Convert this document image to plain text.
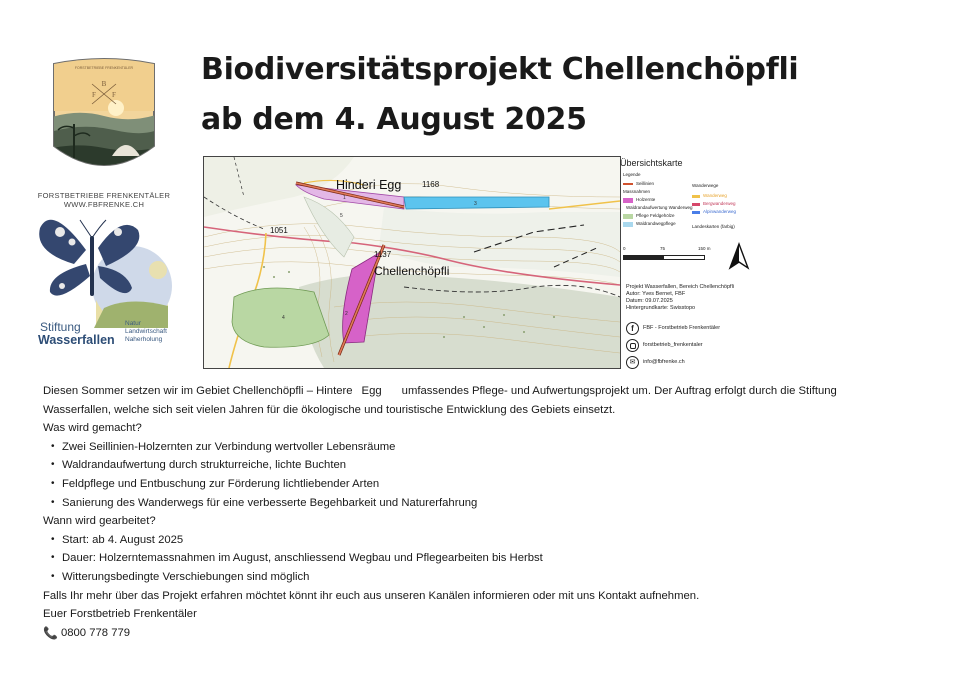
FORSTBETRIEBE FRENKENTÄLER
B
F F
FORSTBETRIEBE FRENKENTÄLER
WWW.FBFRENKE.CH
Stiftung
Wasserfallen
Natur
Landwirtschaft
Naherholung
Biodiversitätsprojekt Chellenchöpfli
ab dem 4. August 2025
Hinderi Egg	1168
1051
1137
Chellenchöpfli
1
2
3
4
5
Übersichtskarte
Legende
Seillinien
Massnahmen
Holzernte
Waldrandaufwertung Wanderweg
Pflege Feldgehölze
Waldrandwegpflege
Wanderwege
Wanderweg
Bergwanderweg
Alpinwanderweg
Landeskarten (farbig)
0	75	150 m
Projekt Wasserfallen, Bereich Chellenchöpfli
Autor: Yves Bernet, FBF
Datum: 09.07.2025
Hintergrundkarte: Swisstopo
f	FBF - Forstbetrieb Frenkentäler
forstbetrieb_frenkentaler
✉	info@fbfrenke.ch
Diesen Sommer setzen wir im Gebiet Chellenchöpfli – Hintere Egg umfassendes Pflege- und Aufwertungsprojekt um. Der Auftrag erfolgt durch die Stiftung
Wasserfallen, welche sich seit vielen Jahren für die ökologische und touristische Entwicklung des Gebiets einsetzt.
Was wird gemacht?
• Zwei Seillinien-Holzernten zur Verbindung wertvoller Lebensräume
• Waldrandaufwertung durch strukturreiche, lichte Buchten
• Feldpflege und Entbuschung zur Förderung lichtliebender Arten
• Sanierung des Wanderwegs für eine verbesserte Begehbarkeit und Naturerfahrung
Wann wird gearbeitet?
• Start: ab 4. August 2025
• Dauer: Holzerntemassnahmen im August, anschliessend Wegbau und Pflegearbeiten bis Herbst
• Witterungsbedingte Verschiebungen sind möglich
Falls Ihr mehr über das Projekt erfahren möchtet könnt ihr euch aus unseren Kanälen informieren oder mit uns Kontakt aufnehmen.
Euer Forstbetrieb Frenkentäler
📞 0800 778 779
